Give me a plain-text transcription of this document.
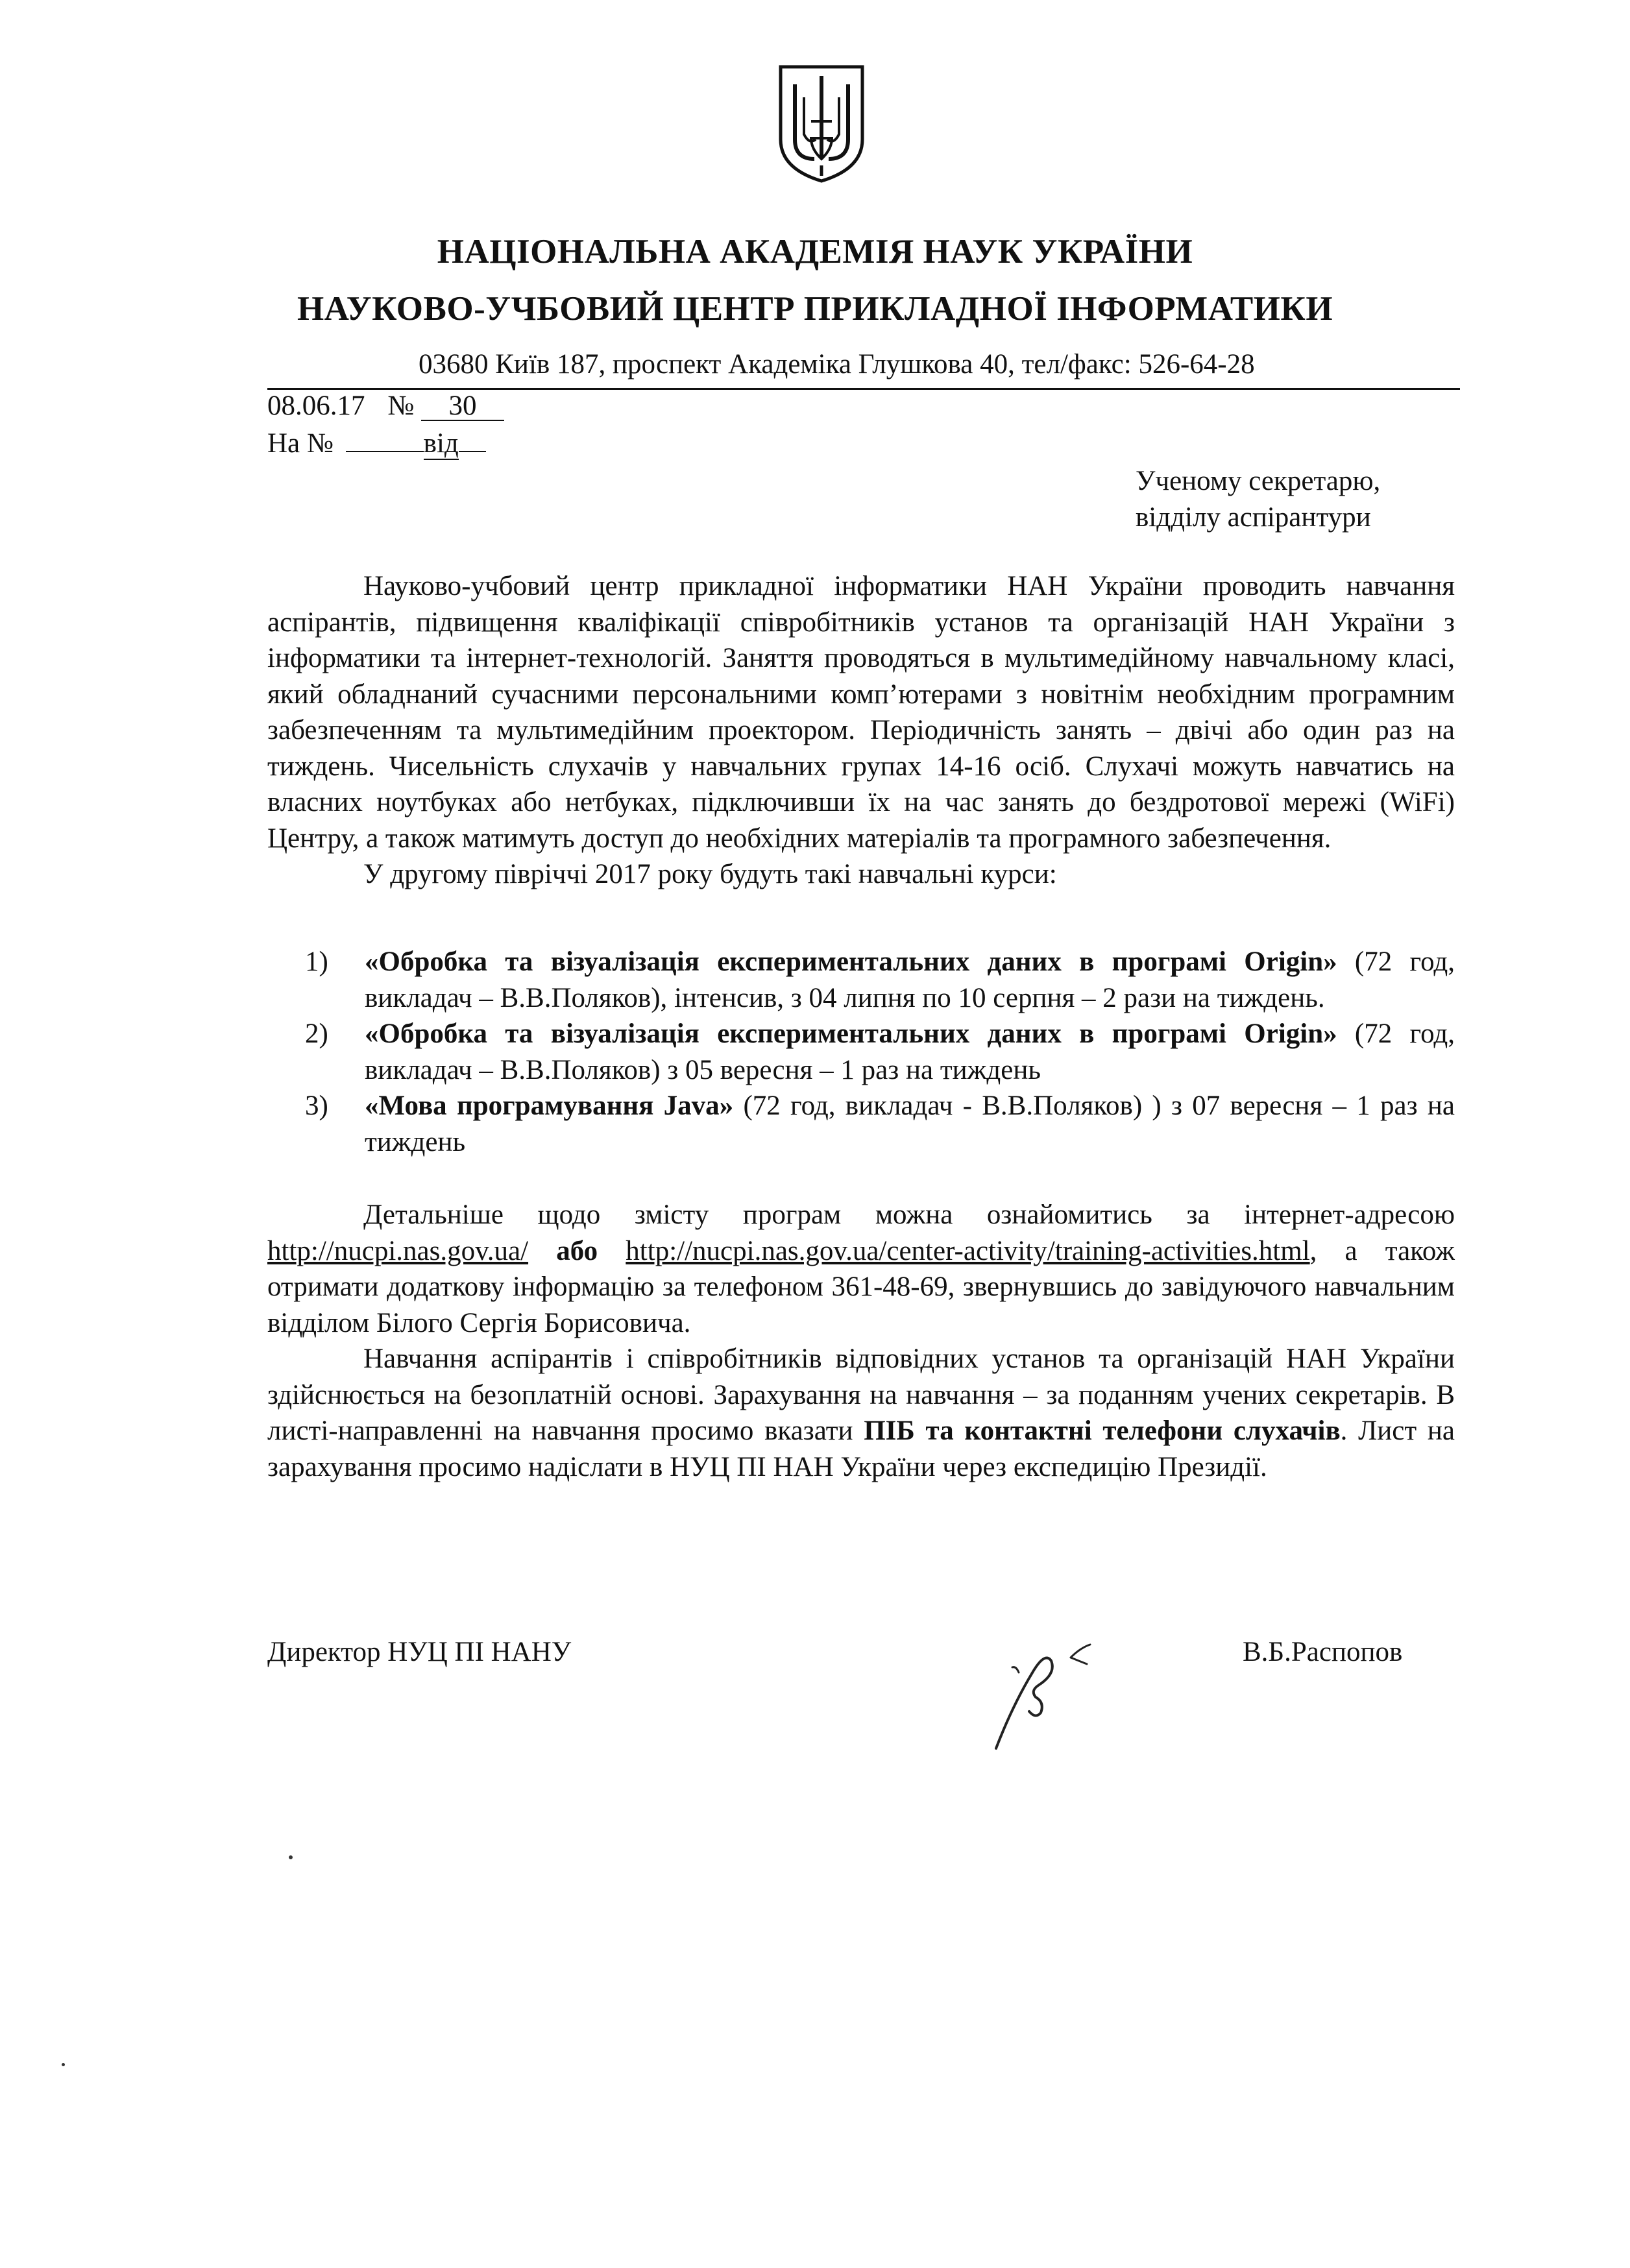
НАЦІОНАЛЬНА АКАДЕМІЯ НАУК УКРАЇНИ
НАУКОВО-УЧБОВИЙ ЦЕНТР ПРИКЛАДНОЇ ІНФОРМАТИКИ
03680 Київ 187, проспект Академіка Глушкова 40, тел/факс: 526-64-28
08.06.17 № 30
На №	від
Ученому секретарю,
відділу аспірантури

Науково-учбовий центр прикладної інформатики НАН України проводить навчання аспірантів, підвищення кваліфікації співробітників установ та організацій НАН України з інформатики та інтернет-технологій. Заняття проводяться в мультимедійному навчальному класі, який обладнаний сучасними персональними комп’ютерами з новітнім необхідним програмним забезпеченням та мультимедійним проектором. Періодичність занять – двічі або один раз на тиждень. Чисельність слухачів у навчальних групах 14-16 осіб. Слухачі можуть навчатись на власних ноутбуках або нетбуках, підключивши їх на час занять до бездротової мережі (WiFi) Центру, а також матимуть доступ до необхідних матеріалів та програмного забезпечення.

У другому півріччі 2017 року будуть такі навчальні курси:

1) «Обробка та візуалізація експериментальних даних в програмі Origin» (72 год, викладач – В.В.Поляков), інтенсив, з 04 липня по 10 серпня – 2 рази на тиждень.
2) «Обробка та візуалізація експериментальних даних в програмі Origin» (72 год, викладач – В.В.Поляков) з 05 вересня – 1 раз на тиждень
3) «Мова програмування Java» (72 год, викладач - В.В.Поляков) ) з 07 вересня – 1 раз на тиждень

Детальніше щодо змісту програм можна ознайомитись за інтернет-адресою http://nucpi.nas.gov.ua/ або http://nucpi.nas.gov.ua/center-activity/training-activities.html, а також отримати додаткову інформацію за телефоном 361-48-69, звернувшись до завідуючого навчальним відділом Білого Сергія Борисовича.

Навчання аспірантів і співробітників відповідних установ та організацій НАН України здійснюється на безоплатній основі. Зарахування на навчання – за поданням учених секретарів. В листі-направленні на навчання просимо вказати ПІБ та контактні телефони слухачів. Лист на зарахування просимо надіслати в НУЦ ПІ НАН України через експедицію Президії.

Директор НУЦ ПІ НАНУ	В.Б.Распопов
